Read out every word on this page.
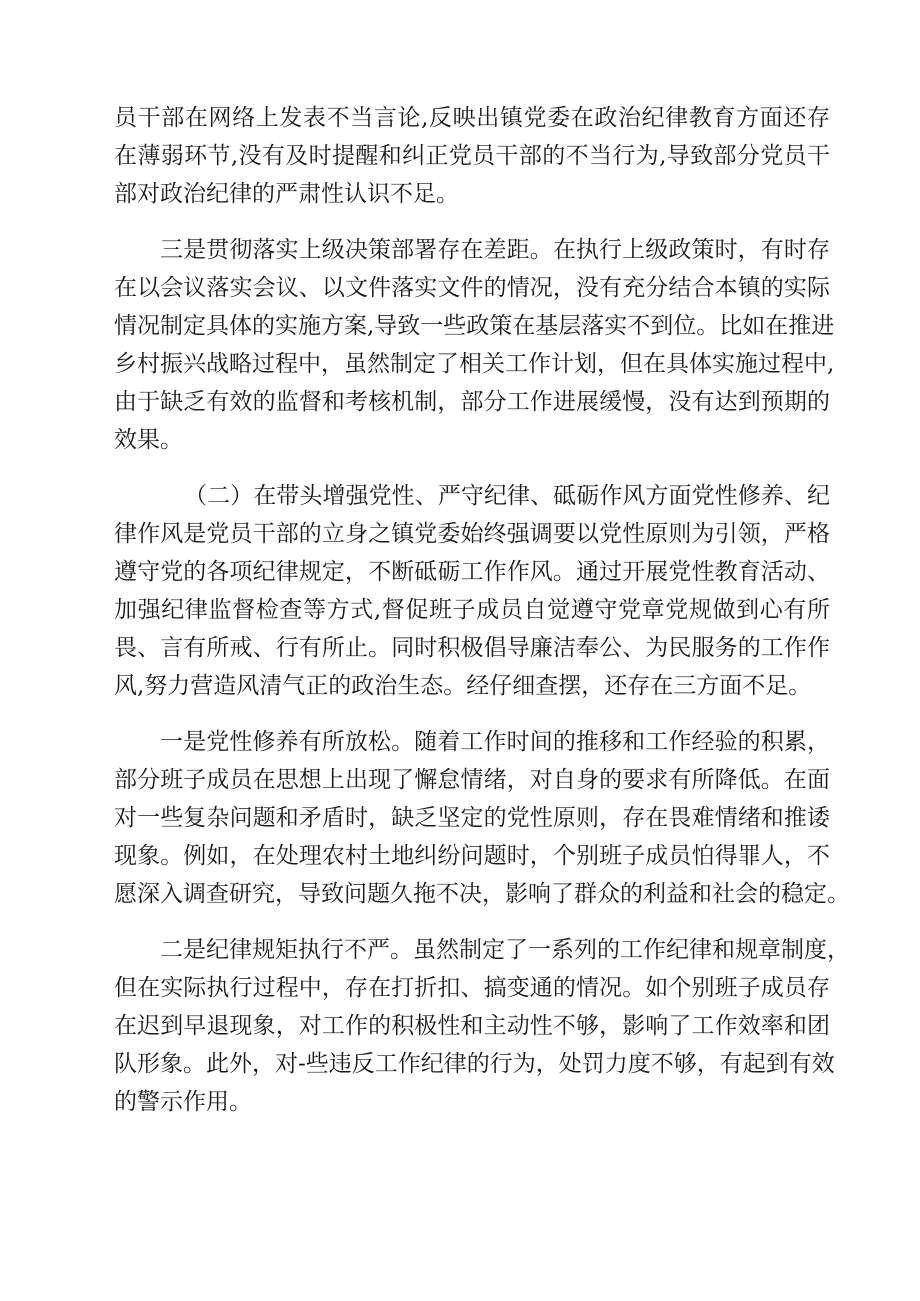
员干部在网络上发表不当言论,反映出镇党委在政治纪律教育方面还存
在薄弱环节,没有及时提醒和纠正党员干部的不当行为,导致部分党员干
部对政治纪律的严肃性认识不足。
三是贯彻落实上级决策部署存在差距。在执行上级政策时，有时存
在以会议落实会议、以文件落实文件的情况，没有充分结合本镇的实际
情况制定具体的实施方案,导致一些政策在基层落实不到位。比如在推进
乡村振兴战略过程中，虽然制定了相关工作计划，但在具体实施过程中,
由于缺乏有效的监督和考核机制，部分工作进展缓慢，没有达到预期的
效果。
（二）在带头增强党性、严守纪律、砥砺作风方面党性修养、纪
律作风是党员干部的立身之镇党委始终强调要以党性原则为引领，严格
遵守党的各项纪律规定，不断砥砺工作作风。通过开展党性教育活动、
加强纪律监督检查等方式,督促班子成员自觉遵守党章党规做到心有所
畏、言有所戒、行有所止。同时积极倡导廉洁奉公、为民服务的工作作
风,努力营造风清气正的政治生态。经仔细查摆，还存在三方面不足。
一是党性修养有所放松。随着工作时间的推移和工作经验的积累，
部分班子成员在思想上出现了懈怠情绪，对自身的要求有所降低。在面
对一些复杂问题和矛盾时，缺乏坚定的党性原则，存在畏难情绪和推诿
现象。例如，在处理农村土地纠纷问题时，个别班子成员怕得罪人，不
愿深入调查研究，导致问题久拖不决，影响了群众的利益和社会的稳定。
二是纪律规矩执行不严。虽然制定了一系列的工作纪律和规章制度，
但在实际执行过程中，存在打折扣、搞变通的情况。如个别班子成员存
在迟到早退现象，对工作的积极性和主动性不够，影响了工作效率和团
队形象。此外，对-些违反工作纪律的行为，处罚力度不够，有起到有效
的警示作用。
